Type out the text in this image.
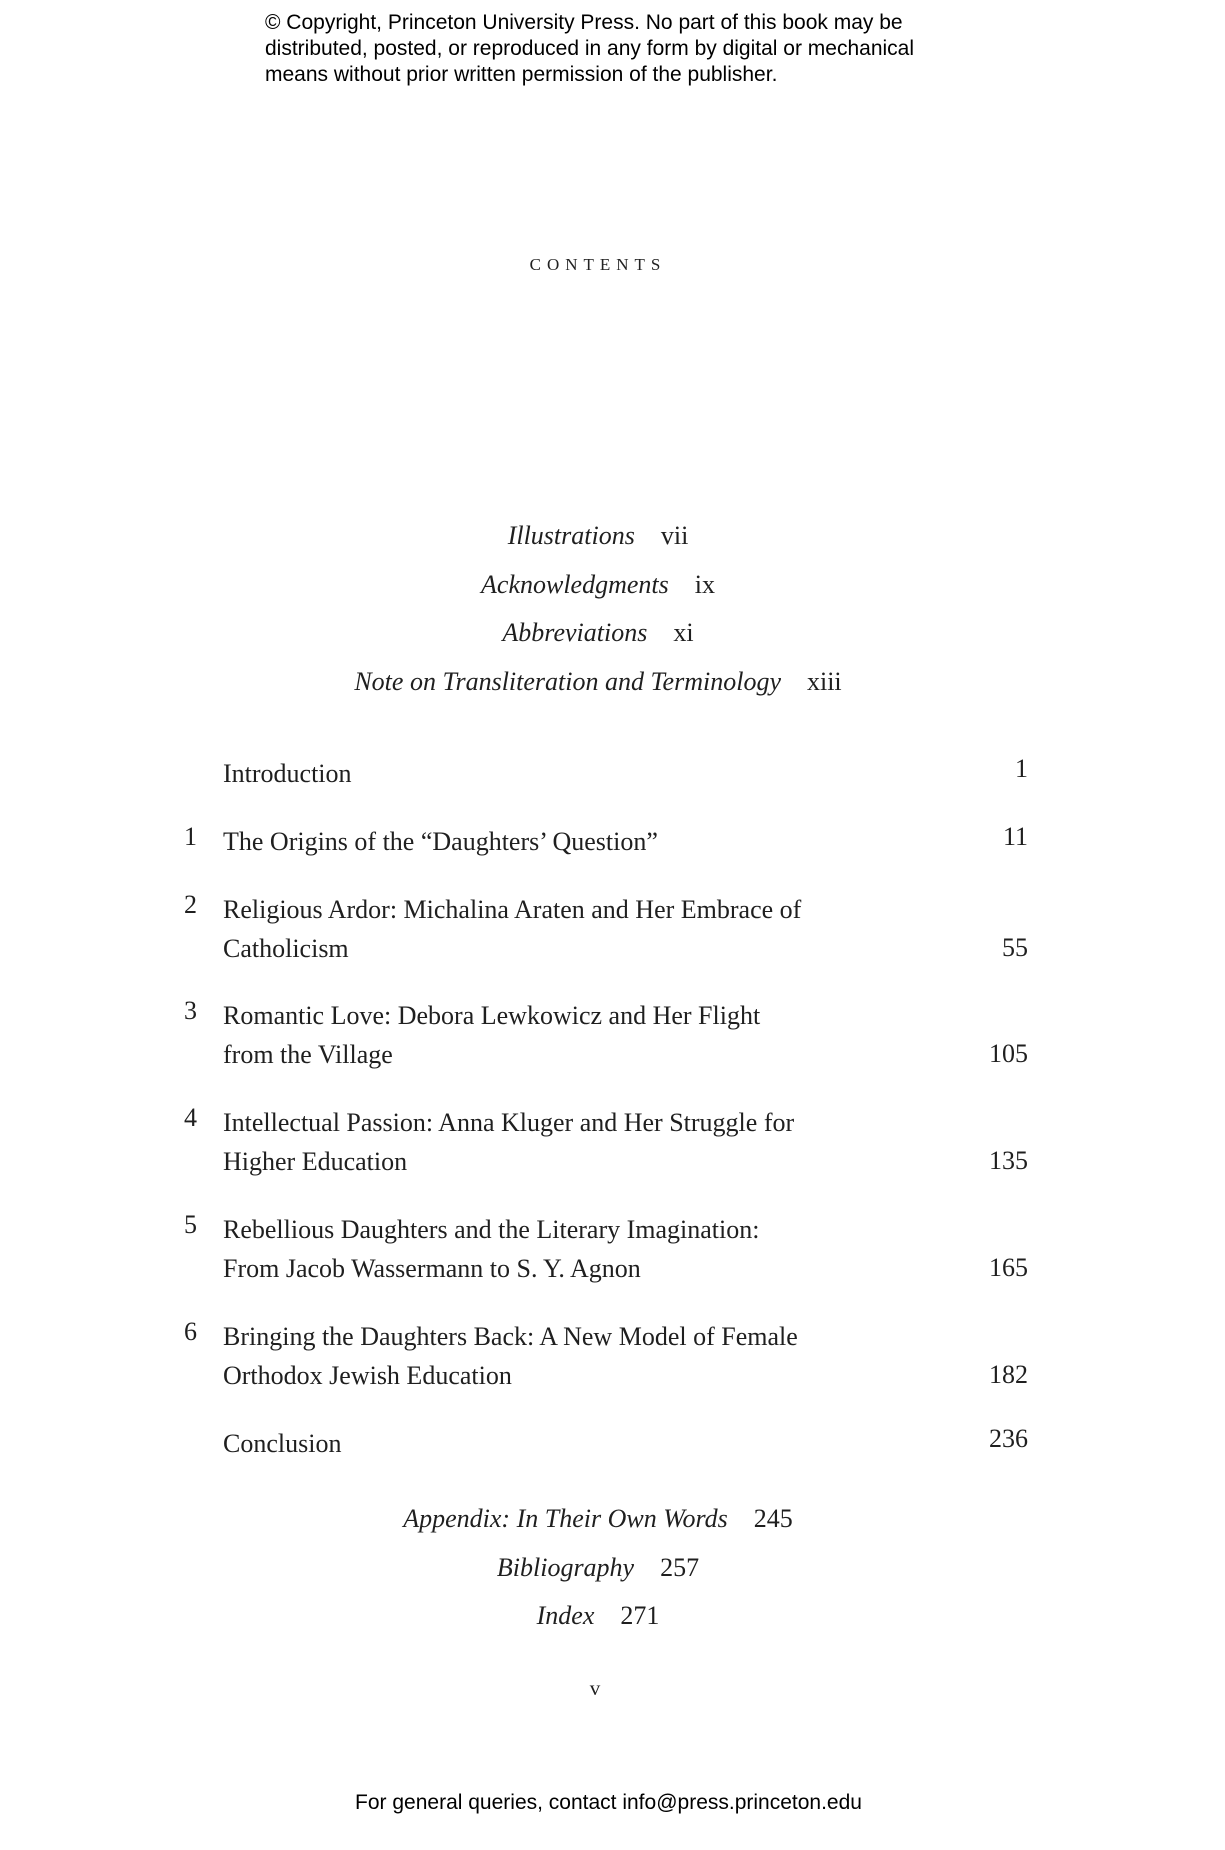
© Copyright, Princeton University Press. No part of this book may be
distributed, posted, or reproduced in any form by digital or mechanical
means without prior written permission of the publisher.
contents
Illustrations vii
Acknowledgments ix
Abbreviations xi
Note on Transliteration and Terminology xiii
Introduction	1
1 The Origins of the “Daughters’ Question”	11
2 Religious Ardor: Michalina Araten and Her Embrace of
Catholicism	55
3 Romantic Love: Debora Lewkowicz and Her Flight
from the Village	105
4 Intellectual Passion: Anna Kluger and Her Struggle for
Higher Education	135
5 Rebellious Daughters and the Literary Imagination:
From Jacob Wassermann to S. Y. Agnon	165
6 Bringing the Daughters Back: A New Model of Female
Orthodox Jewish Education	182
Conclusion	236
Appendix: In Their Own Words 245
Bibliography 257
Index 271
v
For general queries, contact info@press.princeton.edu
